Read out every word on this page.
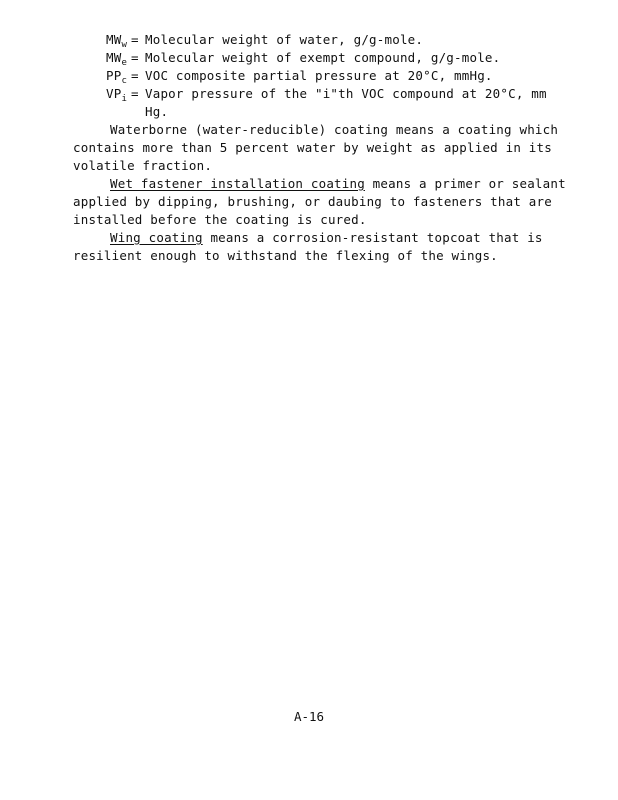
$MW_w$ = Molecular weight of water, g/g-mole.
$MW_e$ = Molecular weight of exempt compound, g/g-mole.
$PP_c$ = VOC composite partial pressure at 20°C, mmHg.
$VP_i$ = Vapor pressure of the "i"th VOC compound at 20°C, mm
Hg.
Waterborne (water-reducible) coating means a coating which
contains more than 5 percent water by weight as applied in its
volatile fraction.
Wet fastener installation coating means a primer or sealant
applied by dipping, brushing, or daubing to fasteners that are
installed before the coating is cured.
Wing coating means a corrosion-resistant topcoat that is
resilient enough to withstand the flexing of the wings.
A-16
